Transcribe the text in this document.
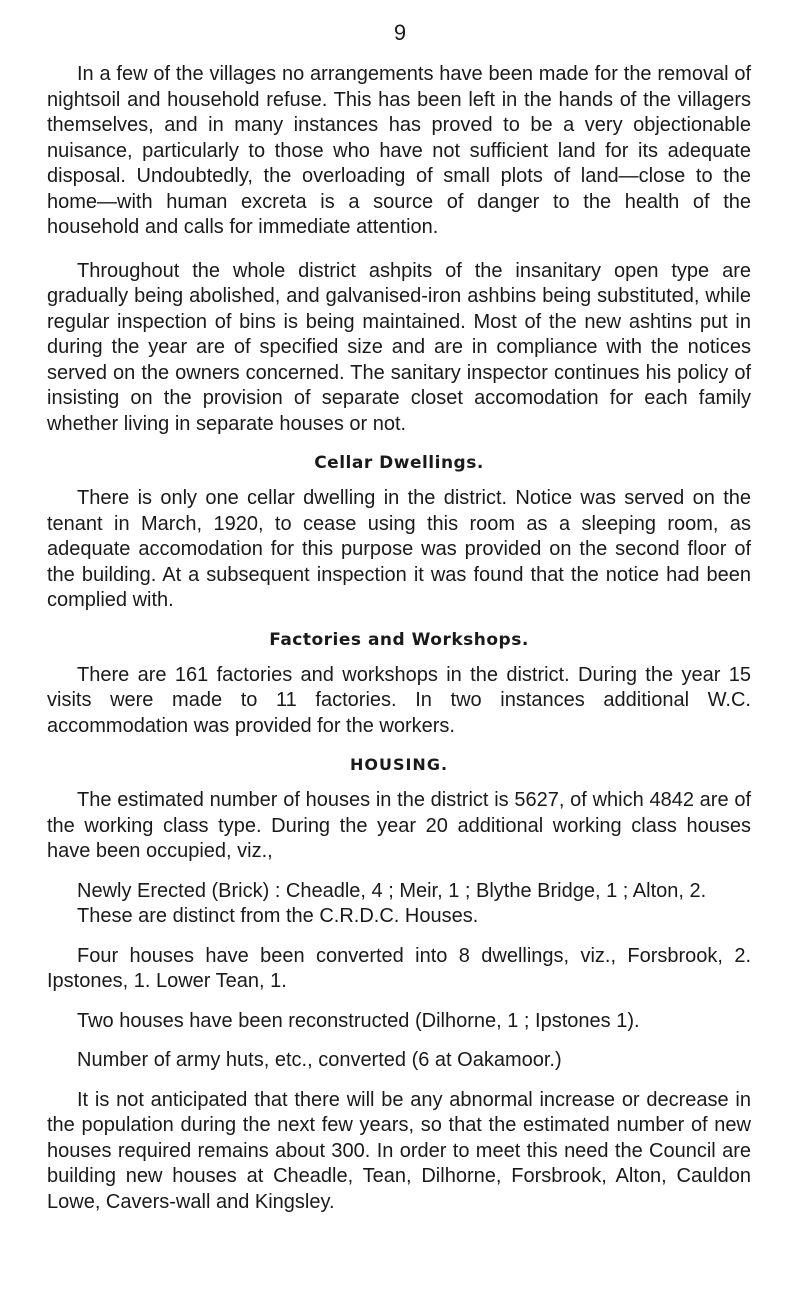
9

In a few of the villages no arrangements have been made for the removal of nightsoil and household refuse. This has been left in the hands of the villagers themselves, and in many instances has proved to be a very objectionable nuisance, particularly to those who have not sufficient land for its adequate disposal. Undoubtedly, the overloading of small plots of land—close to the home—with human excreta is a source of danger to the health of the household and calls for immediate attention.

Throughout the whole district ashpits of the insanitary open type are gradually being abolished, and galvanised-iron ashbins being substituted, while regular inspection of bins is being maintained. Most of the new ashtins put in during the year are of specified size and are in compliance with the notices served on the owners concerned. The sanitary inspector continues his policy of insisting on the provision of separate closet accomodation for each family whether living in separate houses or not.

Cellar Dwellings.

There is only one cellar dwelling in the district. Notice was served on the tenant in March, 1920, to cease using this room as a sleeping room, as adequate accomodation for this purpose was provided on the second floor of the building. At a subsequent inspection it was found that the notice had been complied with.

Factories and Workshops.

There are 161 factories and workshops in the district. During the year 15 visits were made to 11 factories. In two instances additional W.C. accommodation was provided for the workers.

HOUSING.

The estimated number of houses in the district is 5627, of which 4842 are of the working class type. During the year 20 additional working class houses have been occupied, viz.,

Newly Erected (Brick) : Cheadle, 4 ; Meir, 1 ; Blythe Bridge, 1 ; Alton, 2.

These are distinct from the C.R.D.C. Houses.

Four houses have been converted into 8 dwellings, viz., Forsbrook, 2. Ipstones, 1. Lower Tean, 1.

Two houses have been reconstructed (Dilhorne, 1 ; Ipstones 1).

Number of army huts, etc., converted (6 at Oakamoor.)

It is not anticipated that there will be any abnormal increase or decrease in the population during the next few years, so that the estimated number of new houses required remains about 300. In order to meet this need the Council are building new houses at Cheadle, Tean, Dilhorne, Forsbrook, Alton, Cauldon Lowe, Cavers-wall and Kingsley.
